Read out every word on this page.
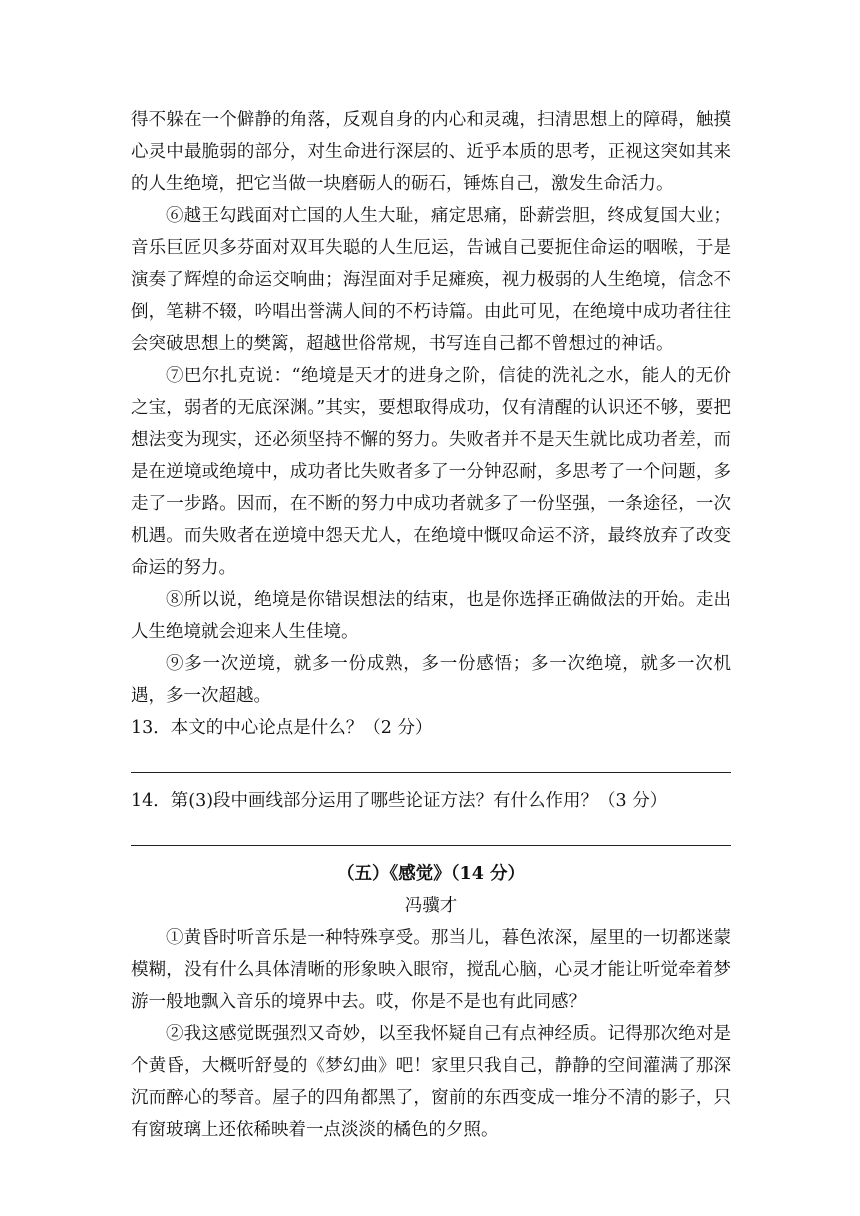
得不躲在一个僻静的角落，反观自身的内心和灵魂，扫清思想上的障碍，触摸心灵中最脆弱的部分，对生命进行深层的、近乎本质的思考，正视这突如其来的人生绝境，把它当做一块磨砺人的砺石，锤炼自己，激发生命活力。

⑥越王勾践面对亡国的人生大耻，痛定思痛，卧薪尝胆，终成复国大业；音乐巨匠贝多芬面对双耳失聪的人生厄运，告诫自己要扼住命运的咽喉，于是演奏了辉煌的命运交响曲；海涅面对手足瘫痪，视力极弱的人生绝境，信念不倒，笔耕不辍，吟唱出誉满人间的不朽诗篇。由此可见，在绝境中成功者往往会突破思想上的樊篱，超越世俗常规，书写连自己都不曾想过的神话。

⑦巴尔扎克说：“绝境是天才的进身之阶，信徒的洗礼之水，能人的无价之宝，弱者的无底深渊。”其实，要想取得成功，仅有清醒的认识还不够，要把想法变为现实，还必须坚持不懈的努力。失败者并不是天生就比成功者差，而是在逆境或绝境中，成功者比失败者多了一分钟忍耐，多思考了一个问题，多走了一步路。因而，在不断的努力中成功者就多了一份坚强，一条途径，一次机遇。而失败者在逆境中怨天尤人，在绝境中慨叹命运不济，最终放弃了改变命运的努力。

⑧所以说，绝境是你错误想法的结束，也是你选择正确做法的开始。走出人生绝境就会迎来人生佳境。

⑨多一次逆境，就多一份成熟，多一份感悟；多一次绝境，就多一次机遇，多一次超越。

13．本文的中心论点是什么？（2 分）

14．第(3)段中画线部分运用了哪些论证方法？有什么作用？（3 分）

（五）《感觉》（14 分）

冯骥才

①黄昏时听音乐是一种特殊享受。那当儿，暮色浓深，屋里的一切都迷蒙模糊，没有什么具体清晰的形象映入眼帘，搅乱心脑，心灵才能让听觉牵着梦游一般地飘入音乐的境界中去。哎，你是不是也有此同感？

②我这感觉既强烈又奇妙，以至我怀疑自己有点神经质。记得那次绝对是个黄昏，大概听舒曼的《梦幻曲》吧！家里只我自己，静静的空间灌满了那深沉而醉心的琴音。屋子的四角都黑了，窗前的东西变成一堆分不清的影子，只有窗玻璃上还依稀映着一点淡淡的橘色的夕照。
